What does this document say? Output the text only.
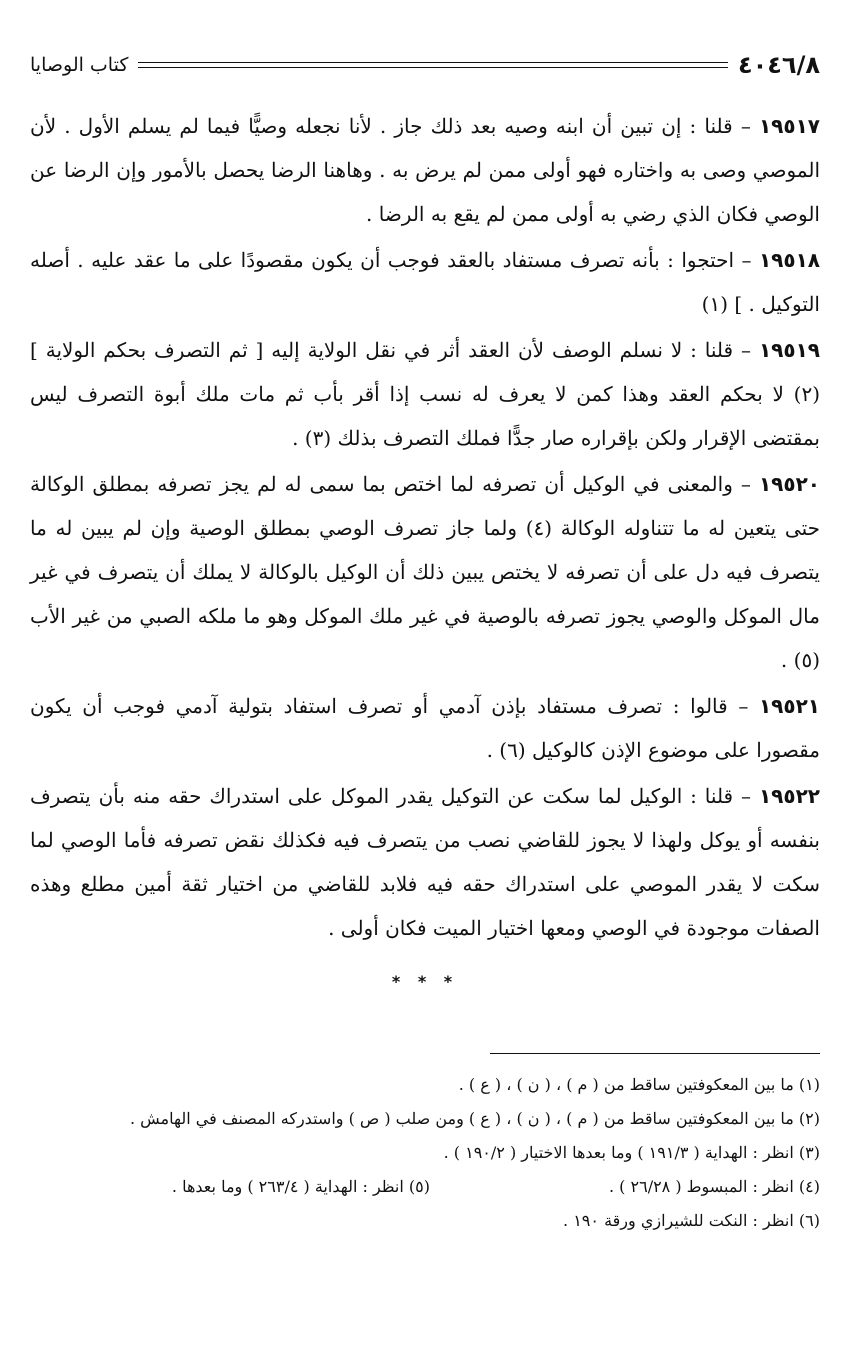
٤٠٤٦/٨
كتاب الوصايا

١٩٥١٧ – قلنا : إن تبين أن ابنه وصيه بعد ذلك جاز . لأنا نجعله وصيًّا فيما لم يسلم الأول . لأن الموصي وصى به واختاره فهو أولى ممن لم يرض به . وهاهنا الرضا يحصل بالأمور وإن الرضا عن الوصي فكان الذي رضي به أولى ممن لم يقع به الرضا .

١٩٥١٨ – احتجوا : بأنه تصرف مستفاد بالعقد فوجب أن يكون مقصودًا على ما عقد عليه . أصله التوكيل . ] (١)

١٩٥١٩ – قلنا : لا نسلم الوصف لأن العقد أثر في نقل الولاية إليه [ ثم التصرف بحكم الولاية ] (٢) لا بحكم العقد وهذا كمن لا يعرف له نسب إذا أقر بأب ثم مات ملك أبوة التصرف ليس بمقتضى الإقرار ولكن بإقراره صار جدًّا فملك التصرف بذلك (٣) .

١٩٥٢٠ – والمعنى في الوكيل أن تصرفه لما اختص بما سمى له لم يجز تصرفه بمطلق الوكالة حتى يتعين له ما تتناوله الوكالة (٤) ولما جاز تصرف الوصي بمطلق الوصية وإن لم يبين له ما يتصرف فيه دل على أن تصرفه لا يختص يبين ذلك أن الوكيل بالوكالة لا يملك أن يتصرف في غير مال الموكل والوصي يجوز تصرفه بالوصية في غير ملك الموكل وهو ما ملكه الصبي من غير الأب (٥) .

١٩٥٢١ – قالوا : تصرف مستفاد بإذن آدمي أو تصرف استفاد بتولية آدمي فوجب أن يكون مقصورا على موضوع الإذن كالوكيل (٦) .

١٩٥٢٢ – قلنا : الوكيل لما سكت عن التوكيل يقدر الموكل على استدراك حقه منه بأن يتصرف بنفسه أو يوكل ولهذا لا يجوز للقاضي نصب من يتصرف فيه فكذلك نقض تصرفه فأما الوصي لما سكت لا يقدر الموصي على استدراك حقه فيه فلابد للقاضي من اختيار ثقة أمين مطلع وهذه الصفات موجودة في الوصي ومعها اختيار الميت فكان أولى .

* * *
(١) ما بين المعكوفتين ساقط من ( م ) ، ( ن ) ، ( ع ) .
(٢) ما بين المعكوفتين ساقط من ( م ) ، ( ن ) ، ( ع ) ومن صلب ( ص ) واستدركه المصنف في الهامش .
(٣) انظر : الهداية ( ١٩١/٣ ) وما بعدها الاختيار ( ١٩٠/٢ ) .
(٤) انظر : المبسوط ( ٢٦/٢٨ ) .
(٥) انظر : الهداية ( ٢٦٣/٤ ) وما بعدها .
(٦) انظر : النكت للشيرازي ورقة ١٩٠ .
